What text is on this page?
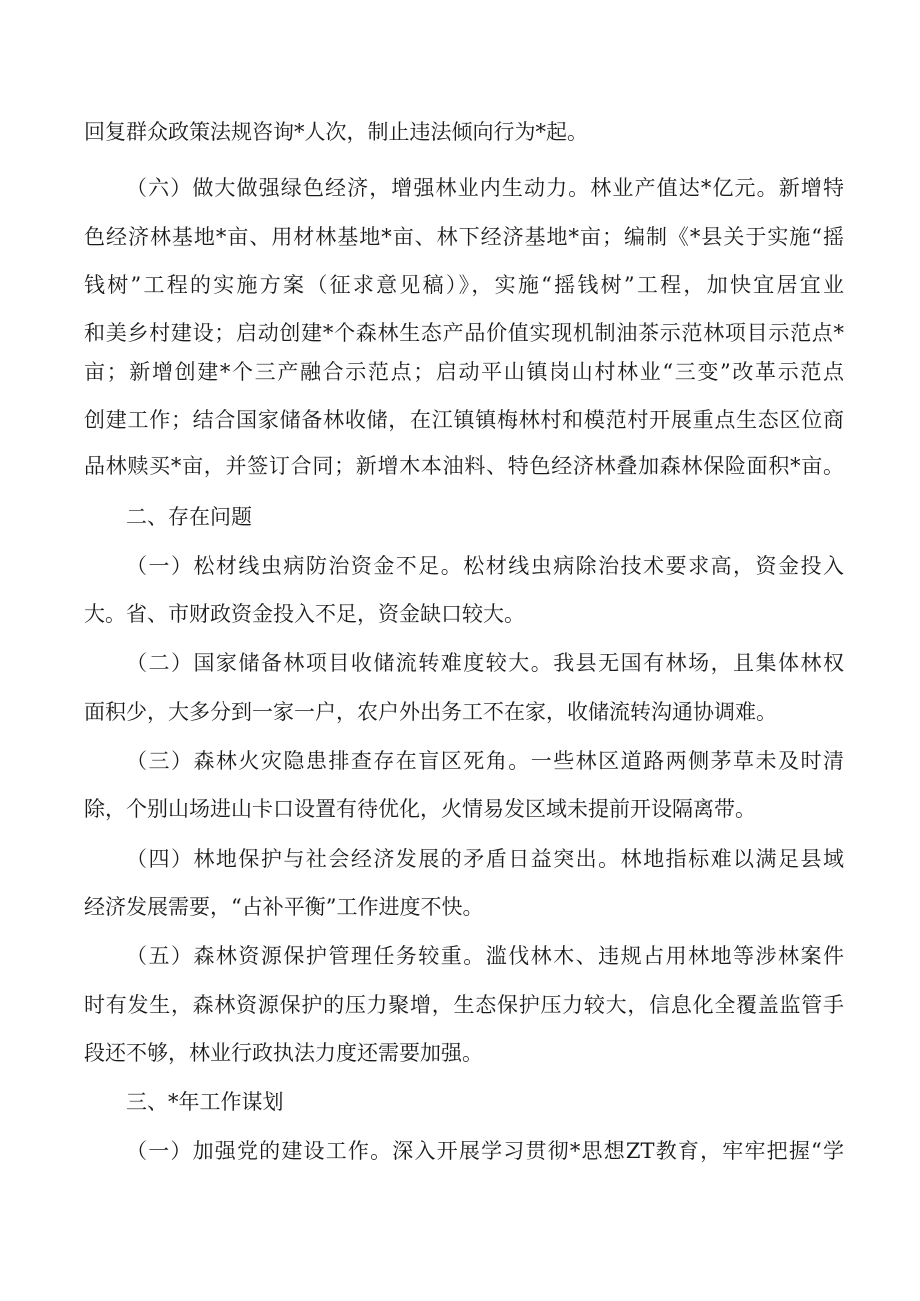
回复群众政策法规咨询*人次，制止违法倾向行为*起。

（六）做大做强绿色经济，增强林业内生动力。林业产值达*亿元。新增特

色经济林基地*亩、用材林基地*亩、林下经济基地*亩；编制《*县关于实施“摇

钱树”工程的实施方案（征求意见稿）》，实施“摇钱树”工程，加快宜居宜业

和美乡村建设；启动创建*个森林生态产品价值实现机制油茶示范林项目示范点*

亩；新增创建*个三产融合示范点；启动平山镇岗山村林业“三变”改革示范点

创建工作；结合国家储备林收储，在江镇镇梅林村和模范村开展重点生态区位商

品林赎买*亩，并签订合同；新增木本油料、特色经济林叠加森林保险面积*亩。

二、存在问题

（一）松材线虫病防治资金不足。松材线虫病除治技术要求高，资金投入

大。省、市财政资金投入不足，资金缺口较大。

（二）国家储备林项目收储流转难度较大。我县无国有林场，且集体林权

面积少，大多分到一家一户，农户外出务工不在家，收储流转沟通协调难。

（三）森林火灾隐患排查存在盲区死角。一些林区道路两侧茅草未及时清

除，个别山场进山卡口设置有待优化，火情易发区域未提前开设隔离带。

（四）林地保护与社会经济发展的矛盾日益突出。林地指标难以满足县域

经济发展需要，“占补平衡”工作进度不快。

（五）森林资源保护管理任务较重。滥伐林木、违规占用林地等涉林案件

时有发生，森林资源保护的压力聚增，生态保护压力较大，信息化全覆盖监管手

段还不够，林业行政执法力度还需要加强。

三、*年工作谋划

（一）加强党的建设工作。深入开展学习贯彻*思想ZT教育，牢牢把握“学
